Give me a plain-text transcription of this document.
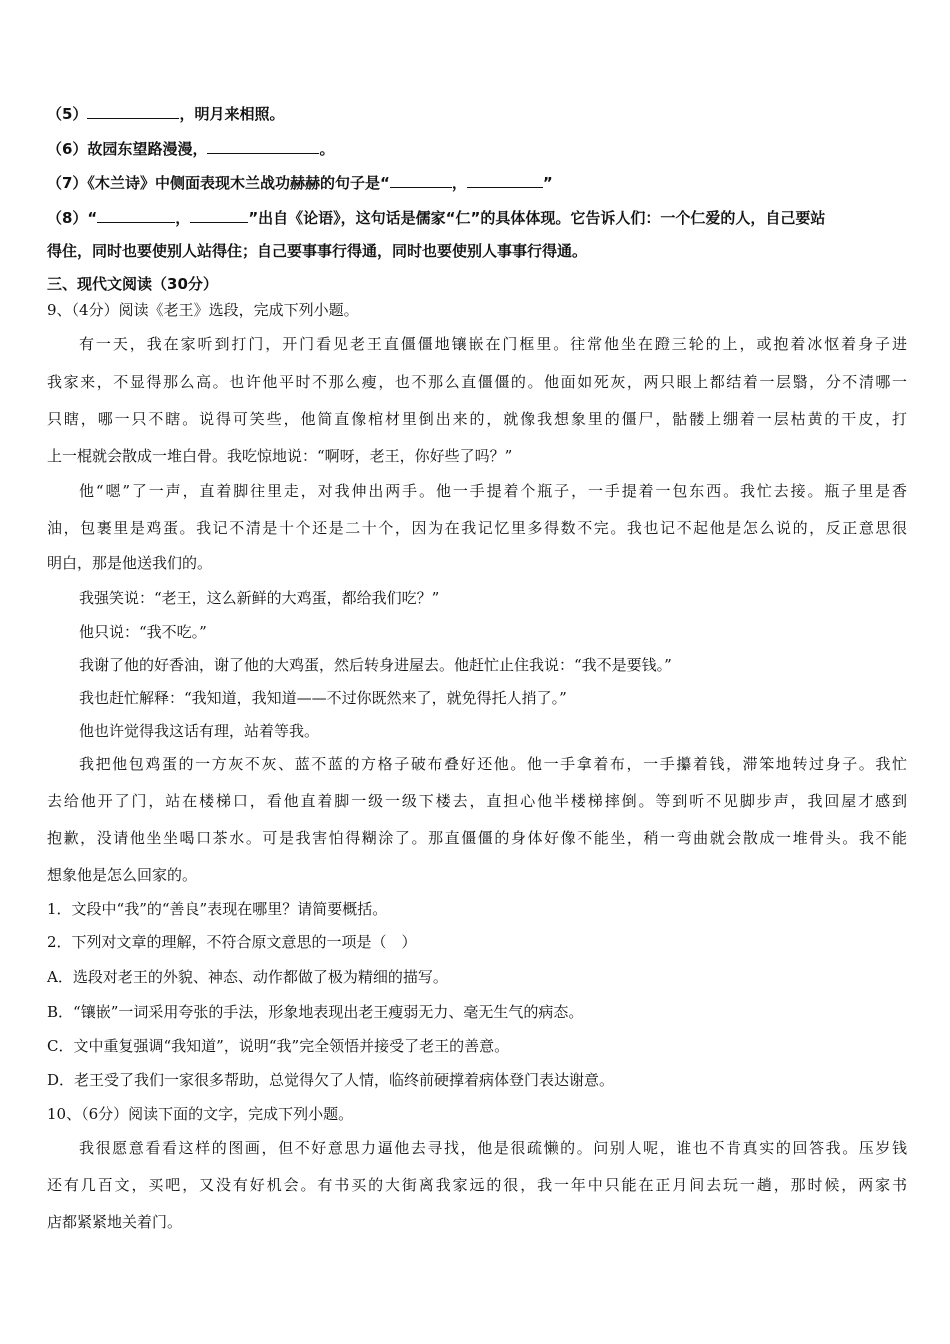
（5）	，明月来相照。
（6）故园东望路漫漫，	。
（7）《木兰诗》中侧面表现木兰战功赫赫的句子是“	，	”
（8）“	，	”出自《论语》，这句话是儒家“仁”的具体体现。它告诉人们：一个仁爱的人，自己要站
得住，同时也要使别人站得住；自己要事事行得通，同时也要使别人事事行得通。
三、现代文阅读（30分）
9、（4分）阅读《老王》选段，完成下列小题。
有一天，我在家听到打门，开门看见老王直僵僵地镶嵌在门框里。往常他坐在蹬三轮的上，或抱着冰怄着身子进
我家来，不显得那么高。也许他平时不那么瘦，也不那么直僵僵的。他面如死灰，两只眼上都结着一层翳，分不清哪一
只瞎，哪一只不瞎。说得可笑些，他简直像棺材里倒出来的，就像我想象里的僵尸，骷髅上绷着一层枯黄的干皮，打
上一棍就会散成一堆白骨。我吃惊地说：“啊呀，老王，你好些了吗？”
他“嗯”了一声，直着脚往里走，对我伸出两手。他一手提着个瓶子，一手提着一包东西。我忙去接。瓶子里是香
油，包裹里是鸡蛋。我记不清是十个还是二十个，因为在我记忆里多得数不完。我也记不起他是怎么说的，反正意思很
明白，那是他送我们的。
我强笑说：“老王，这么新鲜的大鸡蛋，都给我们吃？”
他只说：“我不吃。”
我谢了他的好香油，谢了他的大鸡蛋，然后转身进屋去。他赶忙止住我说：“我不是要钱。”
我也赶忙解释：“我知道，我知道——不过你既然来了，就免得托人捎了。”
他也许觉得我这话有理，站着等我。
我把他包鸡蛋的一方灰不灰、蓝不蓝的方格子破布叠好还他。他一手拿着布，一手攥着钱，滞笨地转过身子。我忙
去给他开了门，站在楼梯口，看他直着脚一级一级下楼去，直担心他半楼梯摔倒。等到听不见脚步声，我回屋才感到
抱歉，没请他坐坐喝口茶水。可是我害怕得糊涂了。那直僵僵的身体好像不能坐，稍一弯曲就会散成一堆骨头。我不能
想象他是怎么回家的。
1．文段中“我”的“善良”表现在哪里？请简要概括。
2．下列对文章的理解，不符合原文意思的一项是（　）
A．选段对老王的外貌、神态、动作都做了极为精细的描写。
B．“镶嵌”一词采用夸张的手法，形象地表现出老王瘦弱无力、毫无生气的病态。
C．文中重复强调“我知道”，说明“我”完全领悟并接受了老王的善意。
D．老王受了我们一家很多帮助，总觉得欠了人情，临终前硬撑着病体登门表达谢意。
10、（6分）阅读下面的文字，完成下列小题。
我很愿意看看这样的图画，但不好意思力逼他去寻找，他是很疏懒的。问别人呢，谁也不肯真实的回答我。压岁钱
还有几百文，买吧，又没有好机会。有书买的大街离我家远的很，我一年中只能在正月间去玩一趟，那时候，两家书
店都紧紧地关着门。
